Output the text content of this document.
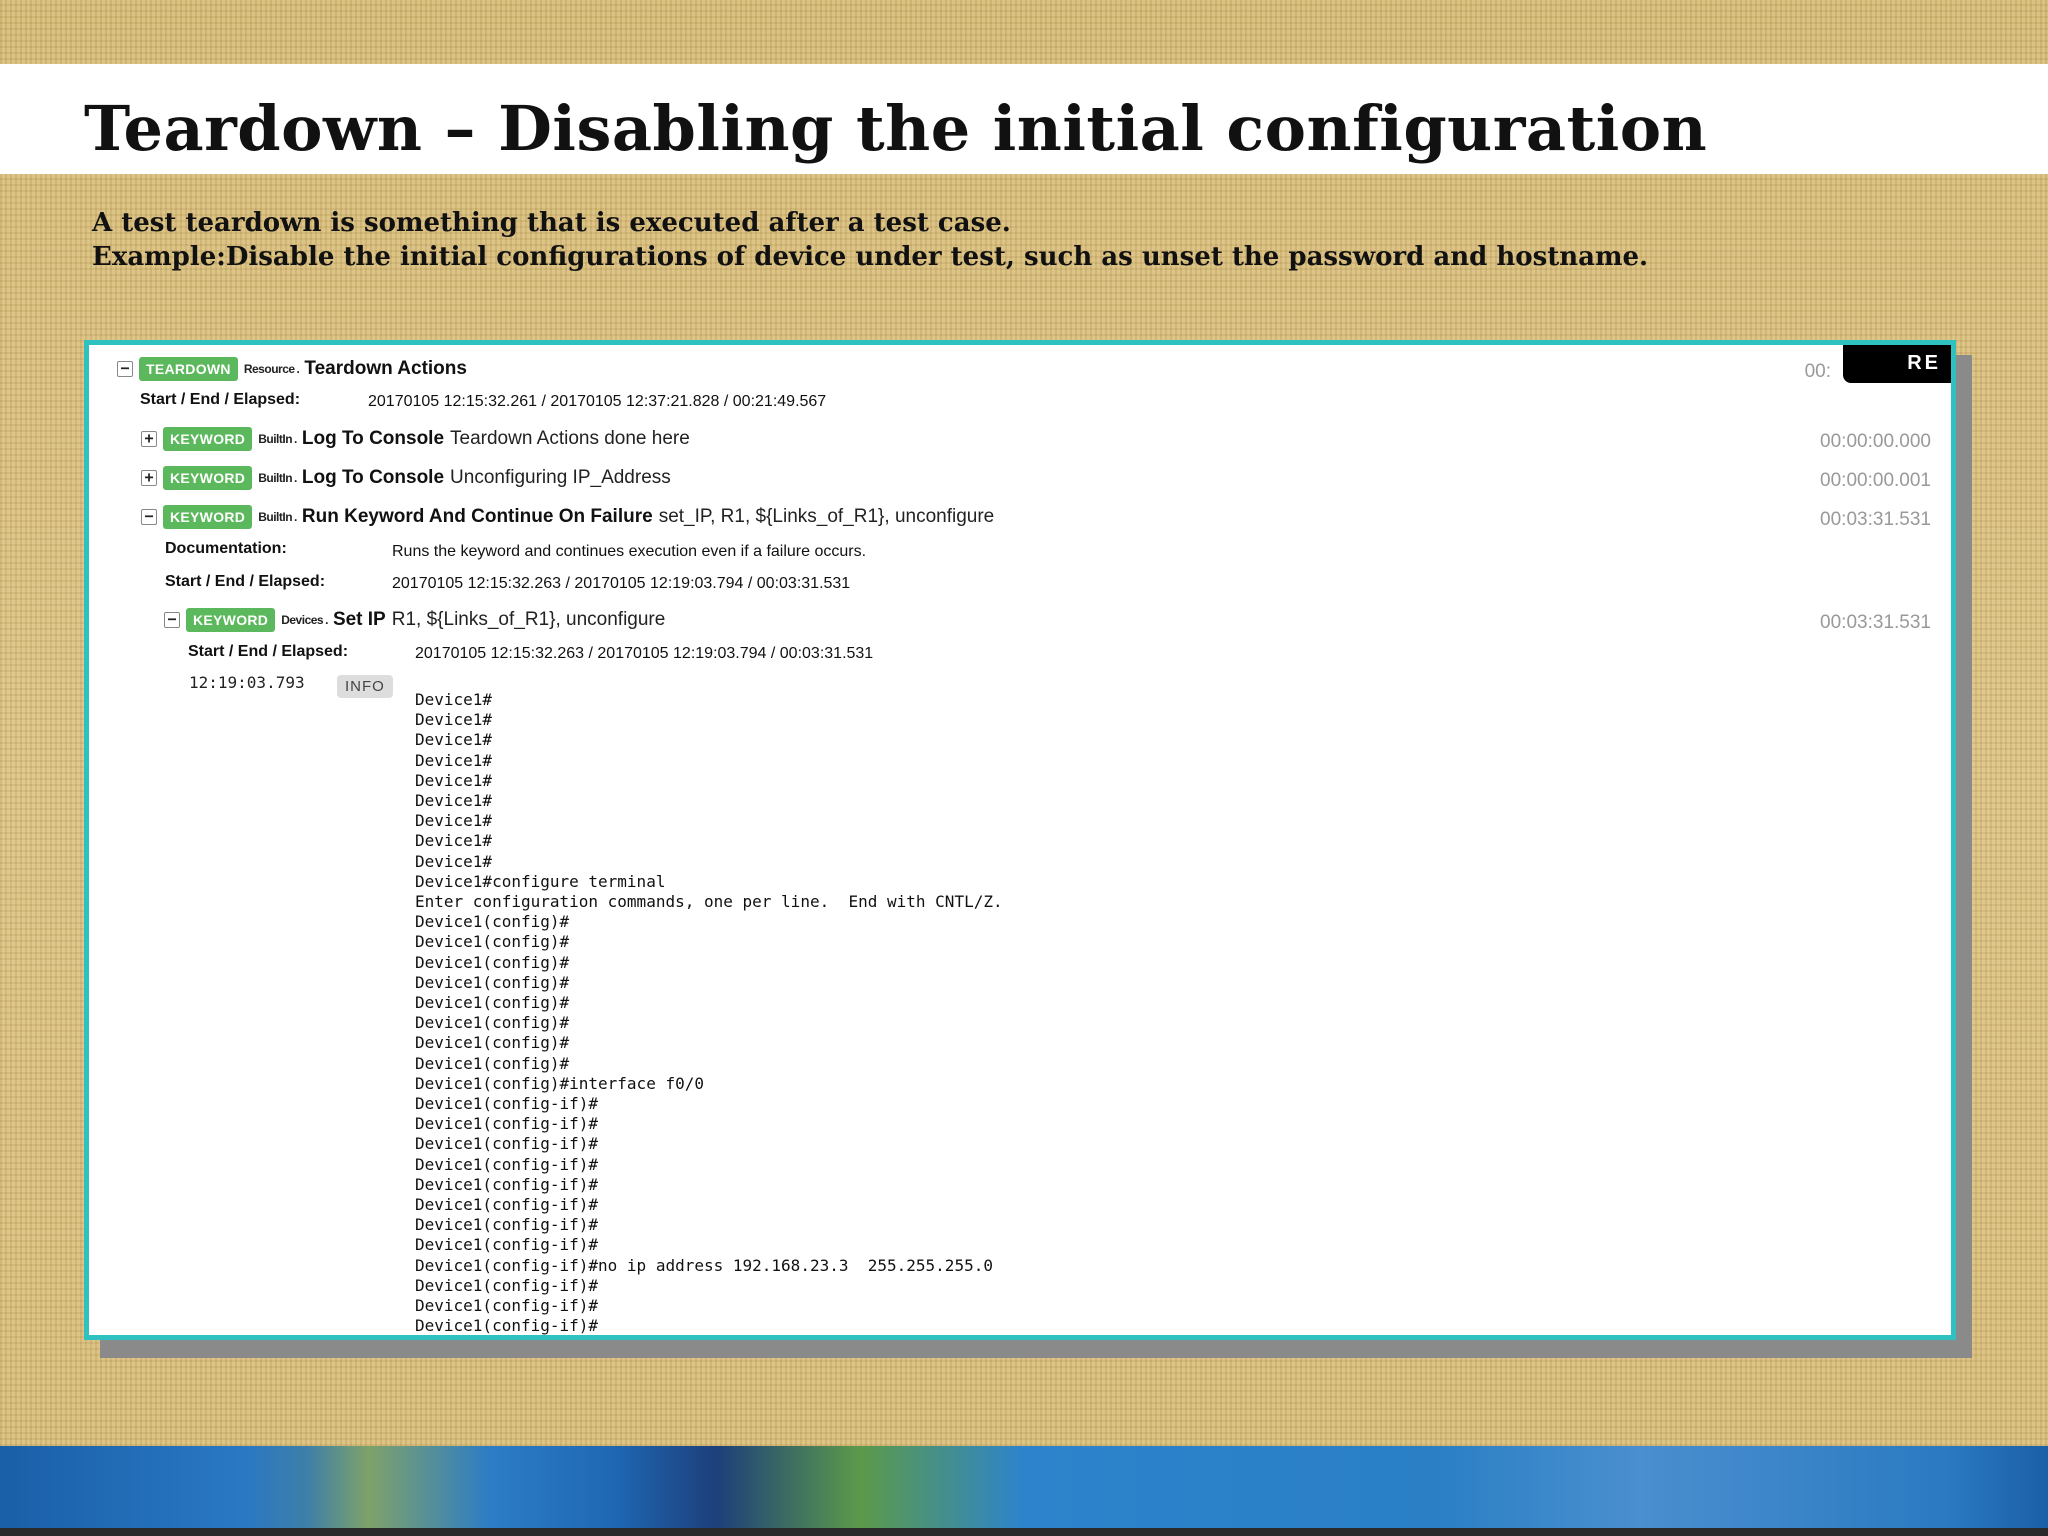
Teardown – Disabling the initial configuration
A test teardown is something that is executed after a test case.
Example:Disable the initial configurations of device under test, such as unset the password and hostname.
−	TEARDOWN	Resource . Teardown Actions	00:	RE
Start / End / Elapsed:	20170105 12:15:32.261 / 20170105 12:37:21.828 / 00:21:49.567
+	KEYWORD	BuiltIn . Log To Console Teardown Actions done here	00:00:00.000
+	KEYWORD	BuiltIn . Log To Console Unconfiguring IP_Address	00:00:00.001
−	KEYWORD	BuiltIn . Run Keyword And Continue On Failure set_IP, R1, ${Links_of_R1}, unconfigure	00:03:31.531
Documentation:	Runs the keyword and continues execution even if a failure occurs.
Start / End / Elapsed:	20170105 12:15:32.263 / 20170105 12:19:03.794 / 00:03:31.531
−	KEYWORD	Devices . Set IP R1, ${Links_of_R1}, unconfigure	00:03:31.531
Start / End / Elapsed:	20170105 12:15:32.263 / 20170105 12:19:03.794 / 00:03:31.531
12:19:03.793	INFO
Device1#
Device1#
Device1#
Device1#
Device1#
Device1#
Device1#
Device1#
Device1#
Device1#configure terminal
Enter configuration commands, one per line.  End with CNTL/Z.
Device1(config)#
Device1(config)#
Device1(config)#
Device1(config)#
Device1(config)#
Device1(config)#
Device1(config)#
Device1(config)#
Device1(config)#interface f0/0
Device1(config-if)#
Device1(config-if)#
Device1(config-if)#
Device1(config-if)#
Device1(config-if)#
Device1(config-if)#
Device1(config-if)#
Device1(config-if)#
Device1(config-if)#no ip address 192.168.23.3  255.255.255.0
Device1(config-if)#
Device1(config-if)#
Device1(config-if)#
